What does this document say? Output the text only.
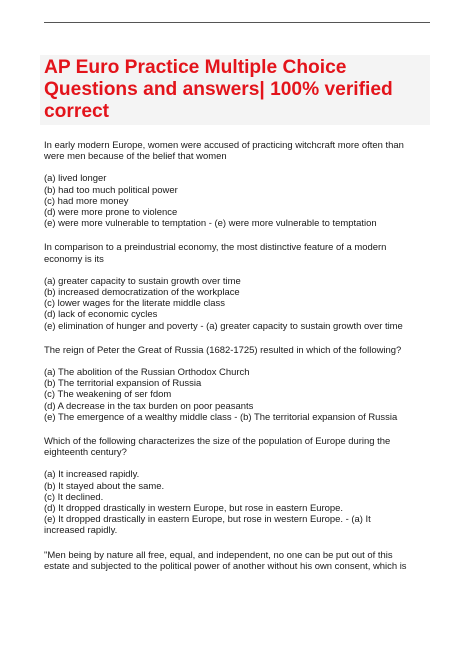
AP Euro Practice Multiple Choice
Questions and answers| 100% verified
correct
In early modern Europe, women were accused of practicing witchcraft more often than
were men because of the belief that women
(a) lived longer
(b) had too much political power
(c) had more money
(d) were more prone to violence
(e) were more vulnerable to temptation - (e) were more vulnerable to temptation
In comparison to a preindustrial economy, the most distinctive feature of a modern
economy is its
(a) greater capacity to sustain growth over time
(b) increased democratization of the workplace
(c) lower wages for the literate middle class
(d) lack of economic cycles
(e) elimination of hunger and poverty - (a) greater capacity to sustain growth over time
The reign of Peter the Great of Russia (1682-1725) resulted in which of the following?
(a) The abolition of the Russian Orthodox Church
(b) The territorial expansion of Russia
(c) The weakening of ser fdom
(d) A decrease in the tax burden on poor peasants
(e) The emergence of a wealthy middle class - (b) The territorial expansion of Russia
Which of the following characterizes the size of the population of Europe during the
eighteenth century?
(a) It increased rapidly.
(b) It stayed about the same.
(c) It declined.
(d) It dropped drastically in western Europe, but rose in eastern Europe.
(e) It dropped drastically in eastern Europe, but rose in western Europe. - (a) It
increased rapidly.
"Men being by nature all free, equal, and independent, no one can be put out of this
estate and subjected to the political power of another without his own consent, which is
